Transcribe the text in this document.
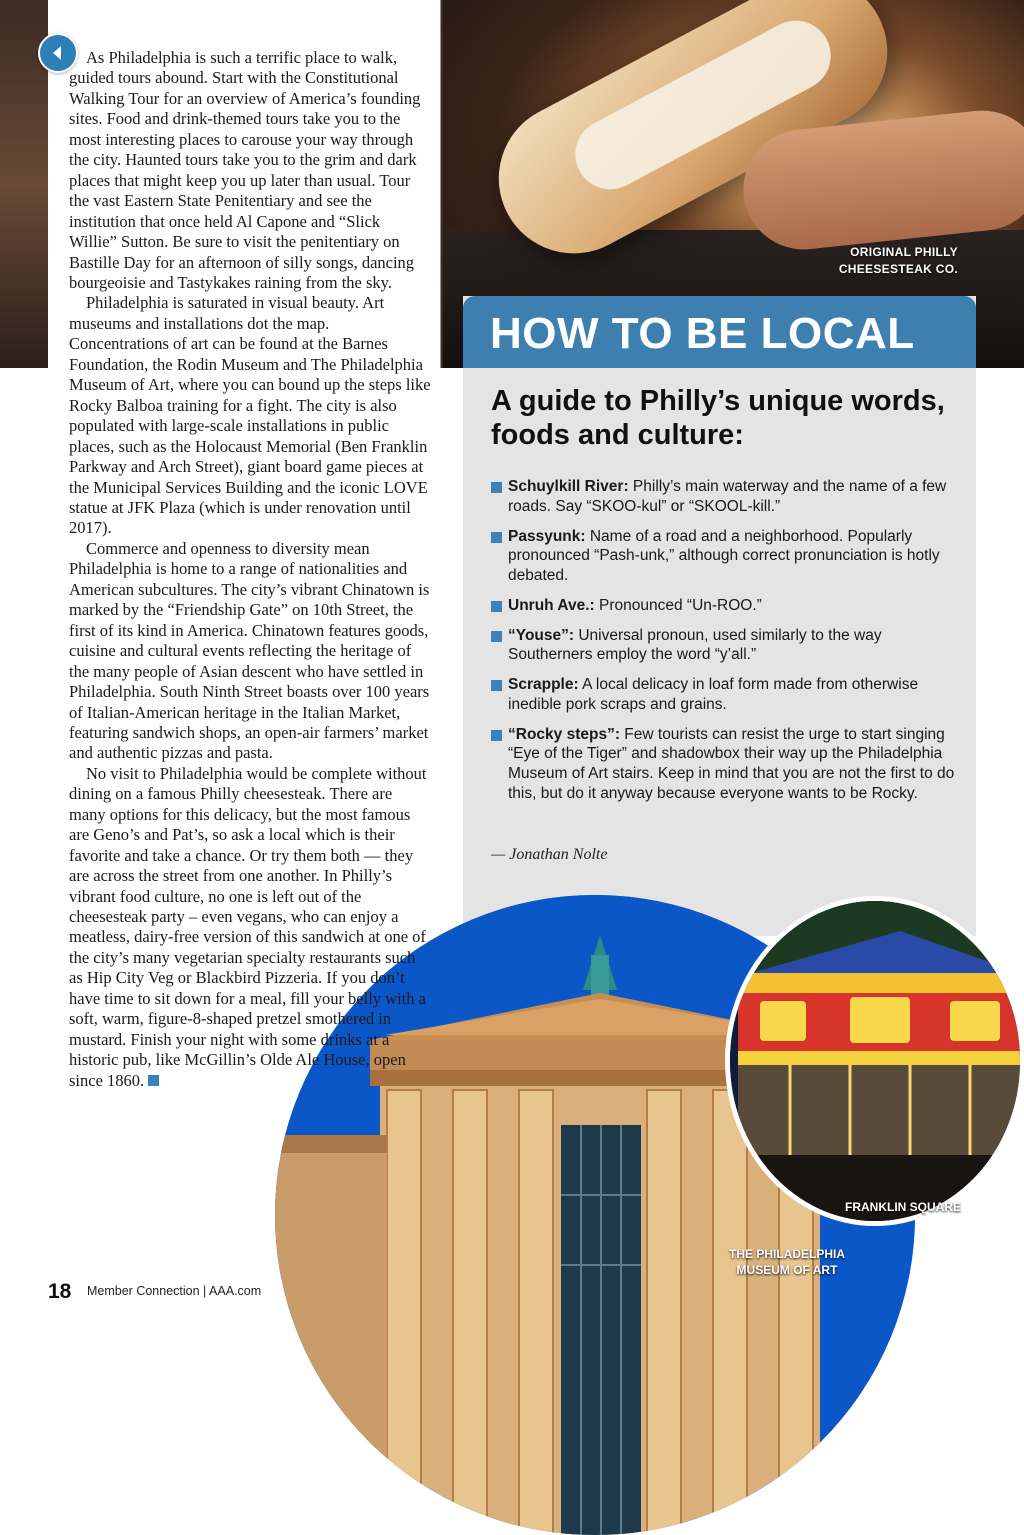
ORIGINAL PHILLY
CHEESESTEAK CO.
HOW TO BE LOCAL
A guide to Philly’s unique words, foods and culture:
Schuylkill River: Philly’s main waterway and the name of a few roads. Say “SKOO-kul” or “SKOOL-kill.”
Passyunk: Name of a road and a neighborhood. Popularly pronounced “Pash-unk,” although correct pronunciation is hotly debated.
Unruh Ave.: Pronounced “Un-ROO.”
“Youse”: Universal pronoun, used similarly to the way Southerners employ the word “y’all.”
Scrapple: A local delicacy in loaf form made from otherwise inedible pork scraps and grains.
“Rocky steps”: Few tourists can resist the urge to start singing “Eye of the Tiger” and shadowbox their way up the Philadelphia Museum of Art stairs. Keep in mind that you are not the first to do this, but do it anyway because everyone wants to be Rocky.
— Jonathan Nolte
FRANKLIN SQUARE
THE PHILADELPHIA
MUSEUM OF ART

As Philadelphia is such a terrific place to walk, guided tours abound. Start with the Constitutional Walking Tour for an overview of America’s founding sites. Food and drink-themed tours take you to the most interesting places to carouse your way through the city. Haunted tours take you to the grim and dark places that might keep you up later than usual. Tour the vast Eastern State Penitentiary and see the institution that once held Al Capone and “Slick Willie” Sutton. Be sure to visit the penitentiary on Bastille Day for an afternoon of silly songs, dancing bourgeoisie and Tastykakes raining from the sky.

Philadelphia is saturated in visual beauty. Art museums and installations dot the map. Concentrations of art can be found at the Barnes Foundation, the Rodin Museum and The Philadelphia Museum of Art, where you can bound up the steps like Rocky Balboa training for a fight. The city is also populated with large-scale installations in public places, such as the Holocaust Memorial (Ben Franklin Parkway and Arch Street), giant board game pieces at the Municipal Services Building and the iconic LOVE statue at JFK Plaza (which is under renovation until 2017).

Commerce and openness to diversity mean Philadelphia is home to a range of nationalities and American subcultures. The city’s vibrant Chinatown is marked by the “Friendship Gate” on 10th Street, the first of its kind in America. Chinatown features goods, cuisine and cultural events reflecting the heritage of the many people of Asian descent who have settled in Philadelphia. South Ninth Street boasts over 100 years of Italian-American heritage in the Italian Market, featuring sandwich shops, an open-air farmers’ market and authentic pizzas and pasta.

No visit to Philadelphia would be complete without dining on a famous Philly cheesesteak. There are many options for this delicacy, but the most famous are Geno’s and Pat’s, so ask a local which is their favorite and take a chance. Or try them both — they are across the street from one another. In Philly’s vibrant food culture, no one is left out of the cheesesteak party – even vegans, who can enjoy a meatless, dairy-free version of this sandwich at one of the city’s many vegetarian specialty restaurants such as Hip City Veg or Blackbird Pizzeria. If you don’t have time to sit down for a meal, fill your belly with a soft, warm, figure-8-shaped pretzel smothered in mustard. Finish your night with some drinks at a historic pub, like McGillin’s Olde Ale House, open since 1860.

18 Member Connection | AAA.com
